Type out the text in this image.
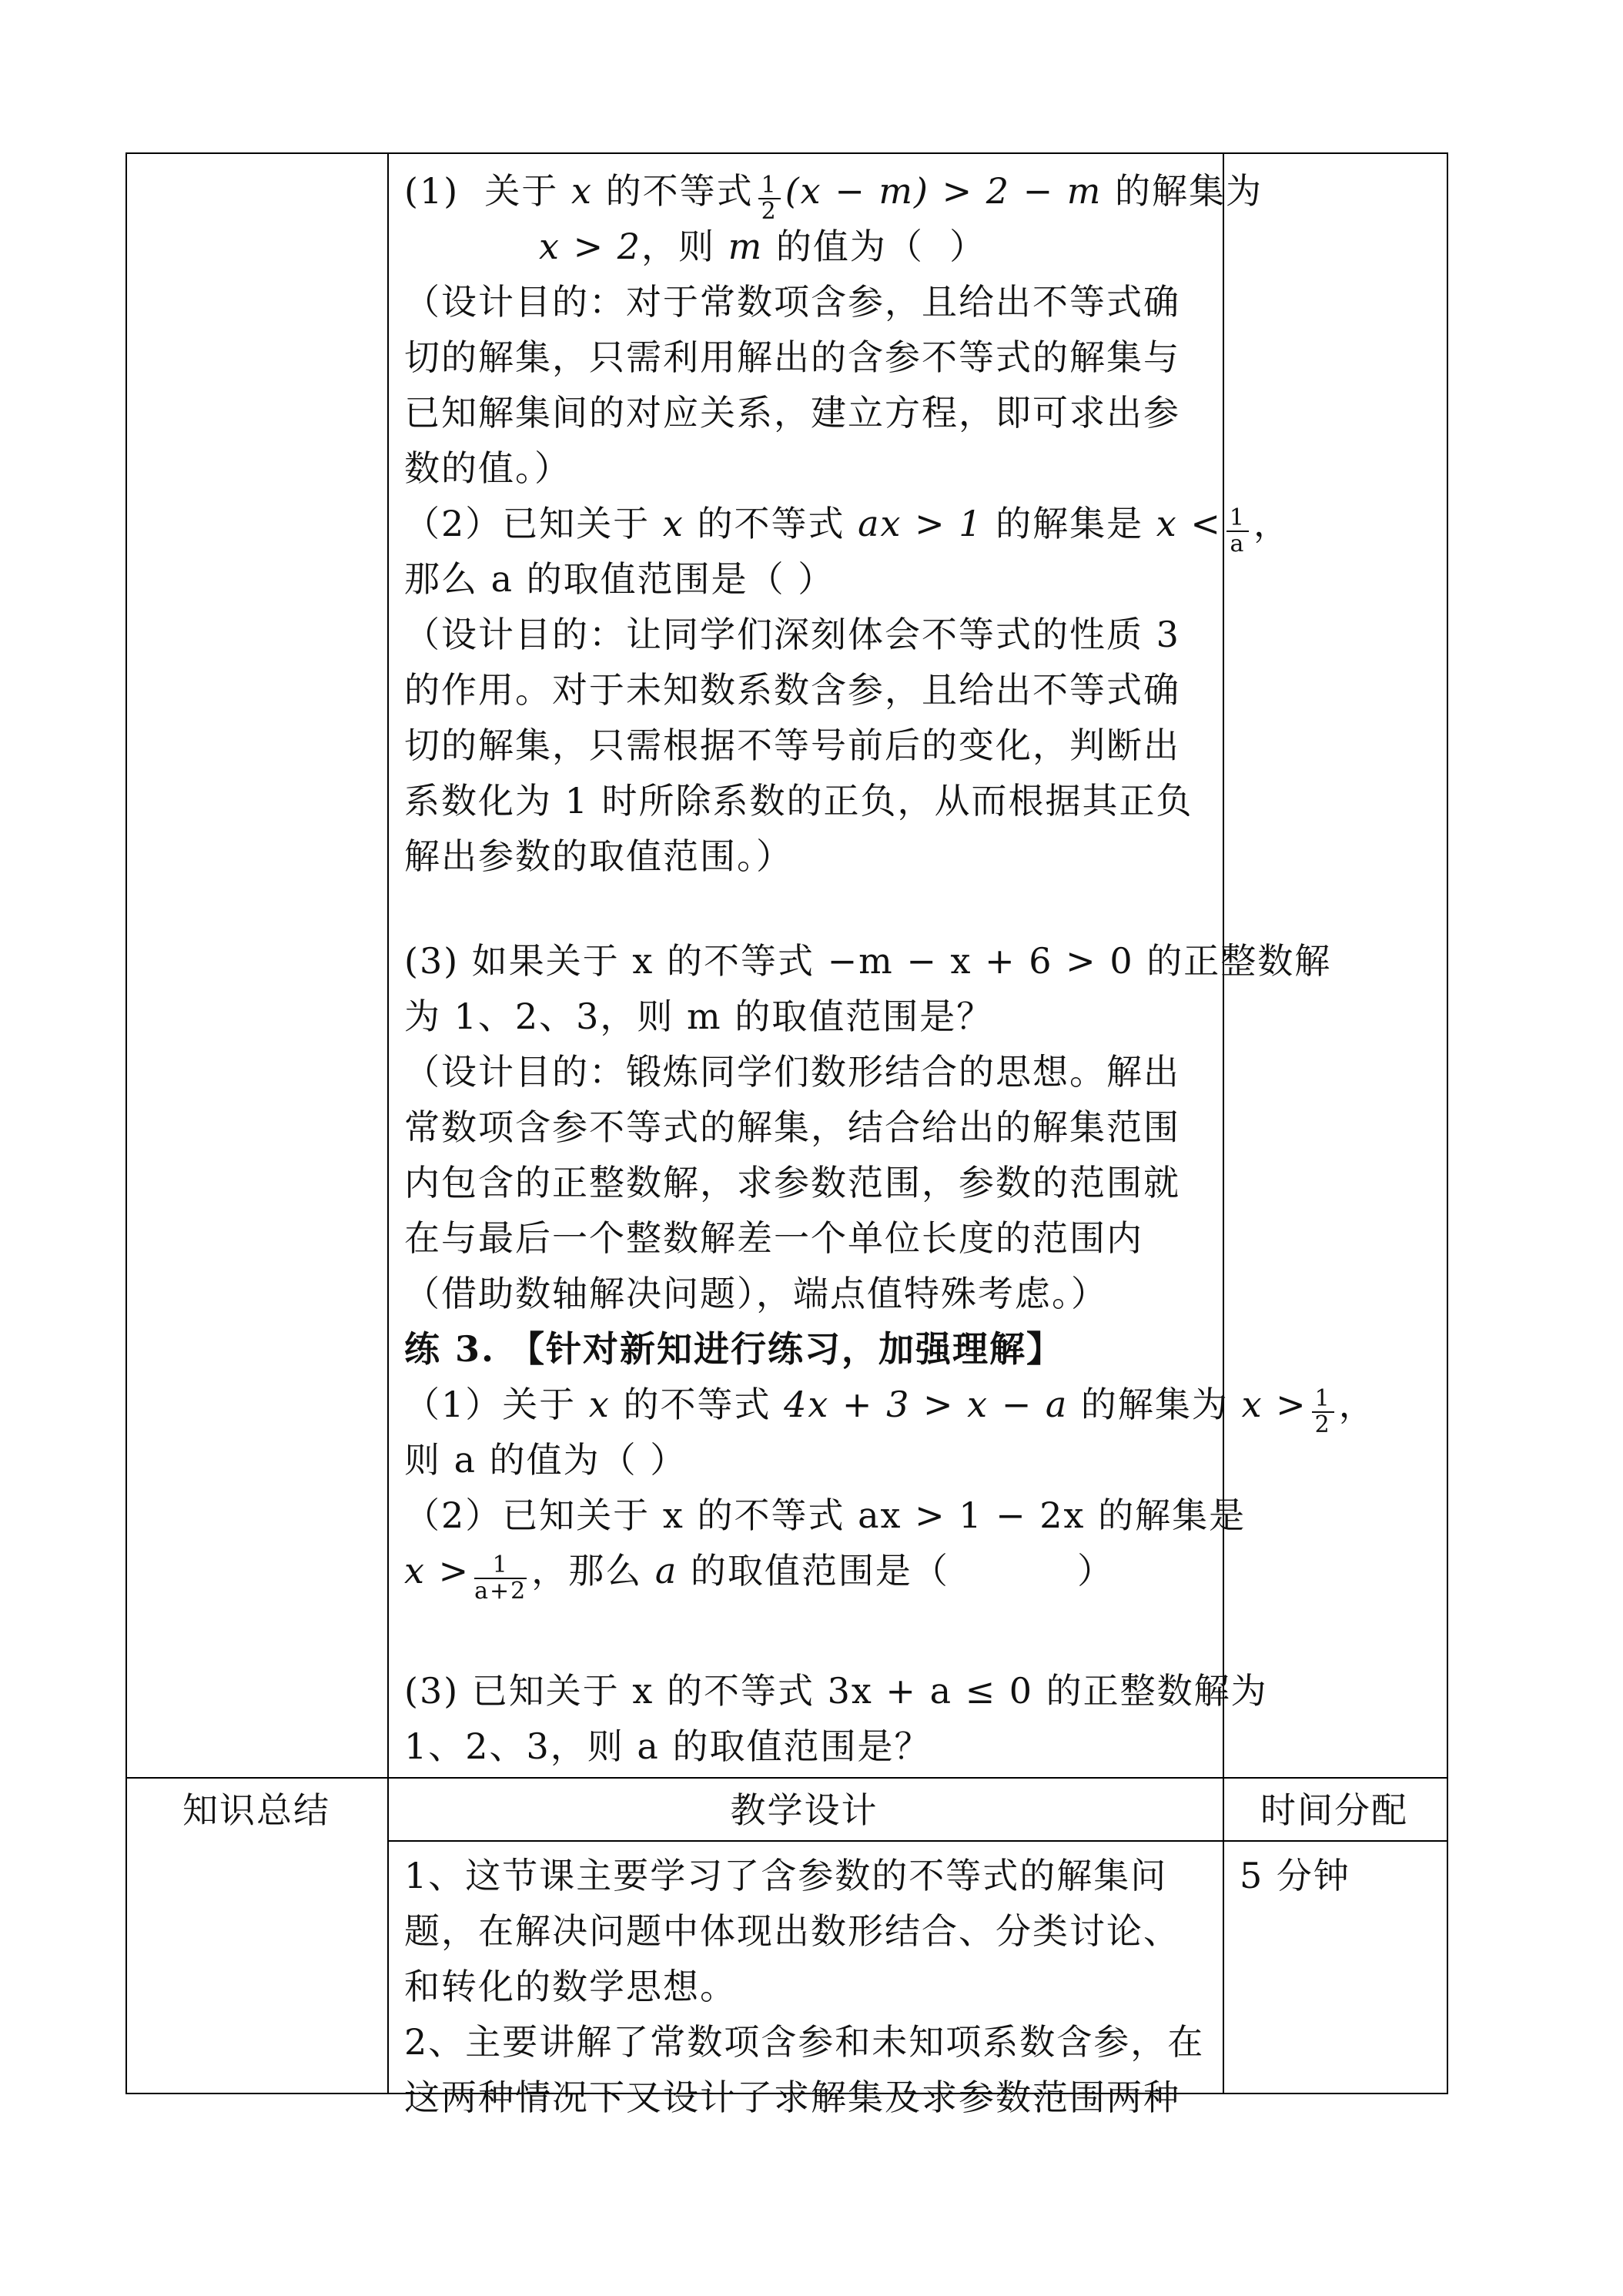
(1)  关于 x 的不等式 $\frac{1}{2} (x - m) > 2 - m$ 的解集为
x > 2，则 m 的值为（  ）
（设计目的：对于常数项含参，且给出不等式确
切的解集，只需利用解出的含参不等式的解集与
已知解集间的对应关系，建立方程，即可求出参
数的值。）
（2）已知关于 x 的不等式 ax > 1 的解集是 $x < \frac{1}{a}$ ，
那么 a 的取值范围是（ ）
（设计目的：让同学们深刻体会不等式的性质 3
的作用。对于未知数系数含参，且给出不等式确
切的解集，只需根据不等号前后的变化，判断出
系数化为 1 时所除系数的正负，从而根据其正负
解出参数的取值范围。）
(3) 如果关于 x 的不等式 −m − x + 6 > 0 的正整数解
为 1、2、3，则 m 的取值范围是？
（设计目的：锻炼同学们数形结合的思想。解出
常数项含参不等式的解集，结合给出的解集范围
内包含的正整数解，求参数范围，参数的范围就
在与最后一个整数解差一个单位长度的范围内
（借助数轴解决问题），端点值特殊考虑。）
练 3. 【针对新知进行练习，加强理解】
（1）关于 x 的不等式 4x + 3 > x − a 的解集为 $x > \frac{1}{2}$ ，
则 a 的值为（ ）
（2）已知关于 x 的不等式 ax > 1 − 2x 的解集是
$x > \frac{1}{a+2}$ ，那么 a 的取值范围是（          ）
(3) 已知关于 x 的不等式 3x + a ≤ 0 的正整数解为
1、2、3，则 a 的取值范围是？
知识总结	教学设计	时间分配
1、这节课主要学习了含参数的不等式的解集问
题，在解决问题中体现出数形结合、分类讨论、
和转化的数学思想。
2、主要讲解了常数项含参和未知项系数含参，在
这两种情况下又设计了求解集及求参数范围两种
5 分钟
